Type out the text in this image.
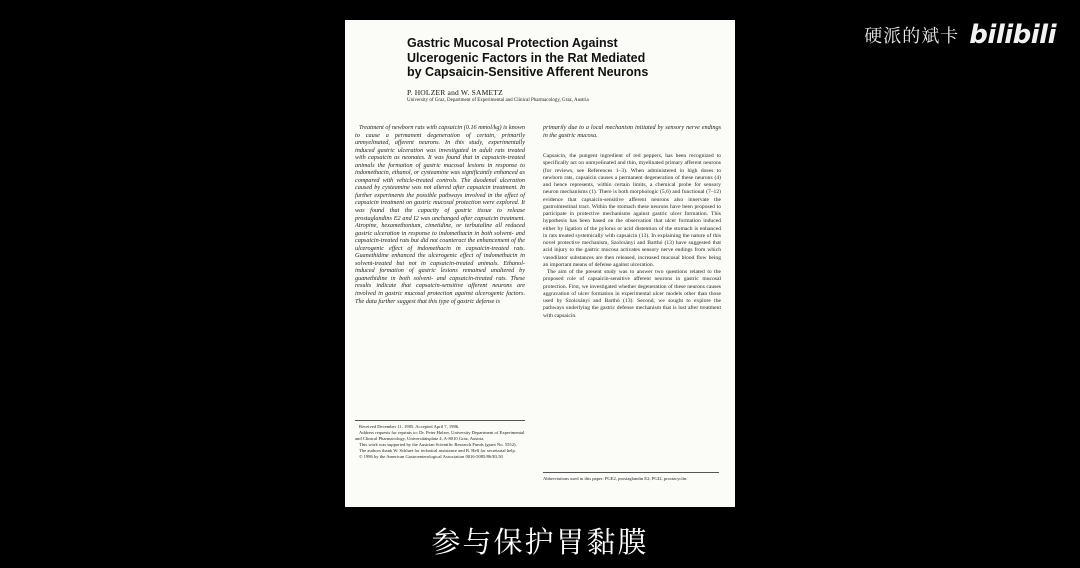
Gastric Mucosal Protection Against
Ulcerogenic Factors in the Rat Mediated
by Capsaicin-Sensitive Afferent Neurons
P. HOLZER and W. SAMETZ
University of Graz, Department of Experimental and Clinical Pharmacology, Graz, Austria

Treatment of newborn rats with capsaicin (0.16 mmol/kg) is known to cause a permanent degeneration of certain, primarily unmyelinated, afferent neurons. In this study, experimentally induced gastric ulceration was investigated in adult rats treated with capsaicin as neonates. It was found that in capsaicin-treated animals the formation of gastric mucosal lesions in response to indomethacin, ethanol, or cysteamine was significantly enhanced as compared with vehicle-treated controls. The duodenal ulceration caused by cysteamine was not altered after capsaicin treatment. In further experiments the possible pathways involved in the effect of capsaicin treatment on gastric mucosal protection were explored. It was found that the capacity of gastric tissue to release prostaglandins E2 and I2 was unchanged after capsaicin treatment. Atropine, hexamethonium, cimetidine, or terbutaline all reduced gastric ulceration in response to indomethacin in both solvent- and capsaicin-treated rats but did not counteract the enhancement of the ulcerogenic effect of indomethacin in capsaicin-treated rats. Guanethidine enhanced the ulcerogenic effect of indomethacin in solvent-treated but not in capsaicin-treated animals. Ethanol-induced formation of gastric lesions remained unaltered by guanethidine in both solvent- and capsaicin-treated rats. These results indicate that capsaicin-sensitive afferent neurons are involved in gastric mucosal protection against ulcerogenic factors. The data further suggest that this type of gastric defense is

primarily due to a local mechanism initiated by sensory nerve endings in the gastric mucosa.

Capsaicin, the pungent ingredient of red peppers, has been recognized to specifically act on unmyelinated and thin, myelinated primary afferent neurons (for reviews, see References 1–3). When administered in high doses to newborn rats, capsaicin causes a permanent degeneration of these neurons (4) and hence represents, within certain limits, a chemical probe for sensory neuron mechanisms (1). There is both morphologic (5,6) and functional (7–12) evidence that capsaicin-sensitive afferent neurons also innervate the gastrointestinal tract. Within the stomach these neurons have been proposed to participate in protective mechanisms against gastric ulcer formation. This hypothesis has been based on the observation that ulcer formation induced either by ligation of the pylorus or acid distention of the stomach is enhanced in rats treated systemically with capsaicin (13). In explaining the nature of this novel protective mechanism, Szolcsányi and Barthó (13) have suggested that acid injury to the gastric mucosa activates sensory nerve endings from which vasodilator substances are then released, increased mucosal blood flow being an important means of defense against ulceration.

The aim of the present study was to answer two questions related to the proposed role of capsaicin-sensitive afferent neurons in gastric mucosal protection. First, we investigated whether degeneration of these neurons causes aggravation of ulcer formation in experimental ulcer models other than those used by Szolcsányi and Barthó (13). Second, we sought to explore the pathways underlying the gastric defense mechanism that is lost after treatment with capsaicin.

Received December 11, 1985. Accepted April 7, 1986.

Address requests for reprints to: Dr. Peter Holzer, University Department of Experimental and Clinical Pharmacology, Universitätsplatz 4, A-8010 Graz, Austria.

This work was supported by the Austrian Scientific Research Funds (grant No. 5552).

The authors thank W. Schluet for technical assistance and B. Hell for secretarial help.

© 1986 by the American Gastroenterological Association 0016-5085/86/$3.50

Abbreviations used in this paper: PGE2, prostaglandin E2; PGI2, prostacyclin.

硬派的斌卡 bilibili
参与保护胃黏膜
